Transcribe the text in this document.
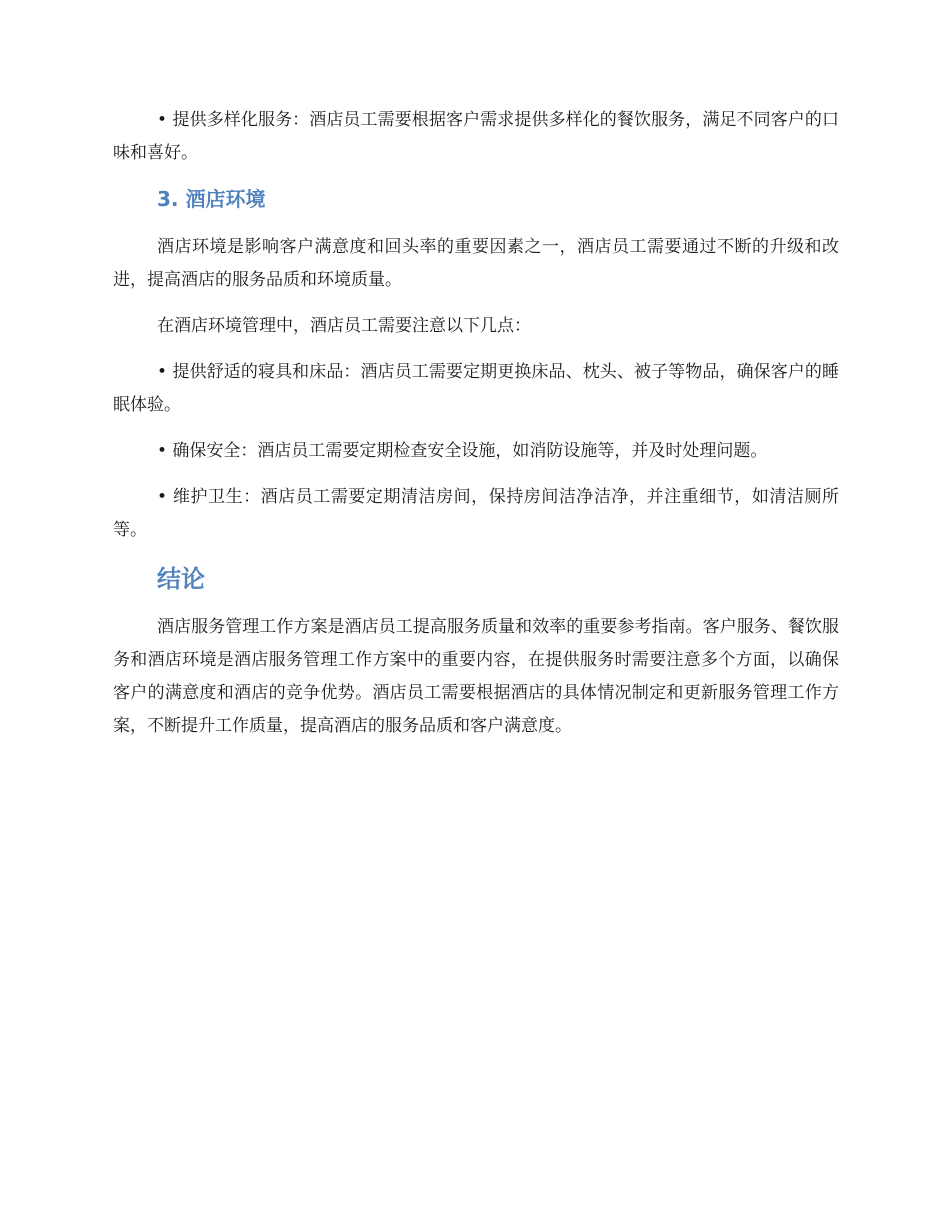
• 提供多样化服务：酒店员工需要根据客户需求提供多样化的餐饮服务，满足不同客户的口味和喜好。

3. 酒店环境

酒店环境是影响客户满意度和回头率的重要因素之一，酒店员工需要通过不断的升级和改进，提高酒店的服务品质和环境质量。

在酒店环境管理中，酒店员工需要注意以下几点：

• 提供舒适的寝具和床品：酒店员工需要定期更换床品、枕头、被子等物品，确保客户的睡眠体验。

• 确保安全：酒店员工需要定期检查安全设施，如消防设施等，并及时处理问题。

• 维护卫生：酒店员工需要定期清洁房间，保持房间洁净洁净，并注重细节，如清洁厕所等。

结论

酒店服务管理工作方案是酒店员工提高服务质量和效率的重要参考指南。客户服务、餐饮服务和酒店环境是酒店服务管理工作方案中的重要内容，在提供服务时需要注意多个方面，以确保客户的满意度和酒店的竞争优势。酒店员工需要根据酒店的具体情况制定和更新服务管理工作方案，不断提升工作质量，提高酒店的服务品质和客户满意度。
